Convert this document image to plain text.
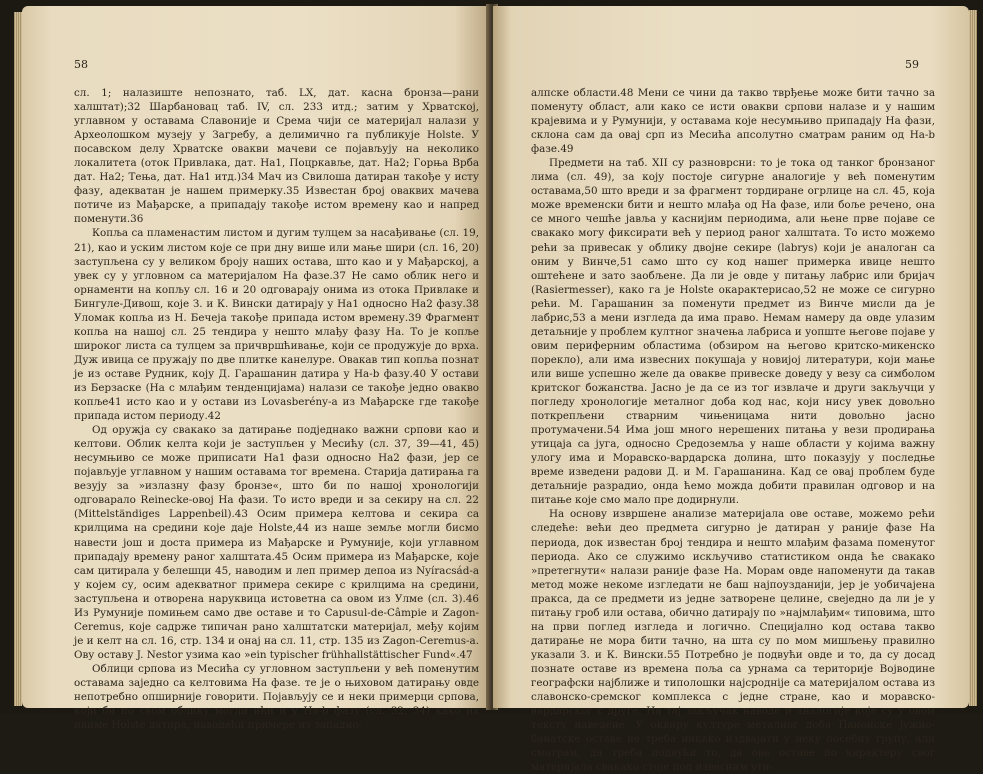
58

сл. 1; налазиште непознато, таб. LX, дат. касна бронза—рани халштат);32 Шарбановац таб. IV, сл. 233 итд.; затим у Хрватској, углавном у оставама Славоније и Срема чији се материјал налази у Археолошком музеју у Загребу, а делимично га публикује Holste. У посавском делу Хрватске овакви мачеви се појављују на неколико локалитета (оток Привлака, дат. Ha1, Поцркавље, дат. Ha2; Горња Врба дат. Ha2; Тења, дат. Ha1 итд.)34 Мач из Свилоша датиран такође у исту фазу, адекватан је нашем примерку.35 Известан број оваквих мачева потиче из Мађарске, а припадају такође истом времену као и напред поменути.36

Копља са пламенастим листом и дугим тулцем за насађивање (сл. 19, 21), као и уским листом које се при дну више или мање шири (сл. 16, 20) заступљена су у великом броју наших остава, што као и у Мађарској, а увек су у угловном са материјалом На фазе.37 Не само облик него и орнаменти на копљу сл. 16 и 20 одговарају онима из отока Привлаке и Бингуле-Дивош, које З. и К. Вински датирају у Ha1 односно Ha2 фазу.38 Уломак копља из Н. Бечеја такође припада истом времену.39 Фрагмент копља на нашој сл. 25 тендира у нешто млађу фазу На. То је копље широког листа са тулцем за причвршћивање, који се продужује до врха. Дуж ивица се пружају по две плитке канелуре. Овакав тип копља познат је из оставе Рудник, коју Д. Гарашанин датира у Ha-b фазу.40 У остави из Берзаске (На с млађим тенденцијама) налази се такође једно овакво копље41 исто као и у остави из Lovasberény-а из Мађарске где такође припада истом периоду.42

Од оружја су свакако за датирање подједнако важни српови као и келтови. Облик келта који је заступљен у Месићу (сл. 37, 39—41, 45) несумњиво се може приписати Ha1 фази односно Ha2 фази, јер се појављује углавном у нашим оставама тог времена. Старија датирања га везују за »излазну фазу бронзе«, што би по нашој хронологији одговарало Reinecke-овој На фази. То исто вреди и за секиру на сл. 22 (Mittelständiges Lappenbeil).43 Осим примера келтова и секира са крилцима на средини које даје Holste,44 из наше земље могли бисмо навести још и доста примера из Мађарске и Румуније, који углавном припадају времену раног халштата.45 Осим примера из Мађарске, које сам цитирала у белешци 45, наводим и леп пример депоа из Nyíracsád-а у којем су, осим адекватног примера секире с крилцима на средини, заступљена и отворена наруквица истоветна са овом из Улме (сл. 3).46 Из Румуније помињем само две оставе и то Capusul-de-Câmpie и Zagon-Ceremus, које садрже типичан рано халштатски материјал, међу којим је и келт на сл. 16, стр. 134 и онај на сл. 11, стр. 135 из Zagon-Ceremus-а. Ову оставу J. Nestor узима као »ein typischer frühhallstättischer Fund«.47

Облици српова из Месића су угловном заступљени у већ поменутим оставама заједно са келтовима На фазе. те је о њиховом датирању овде непотребно опширније говорити. Појављују се и неки примерци српова, који би по свом облику могли ићи и у Ha-b фазу (сл. 32, 34) како их наиме Holste датира, наводећи примере из западно-

59

алпске области.48 Мени се чини да такво тврђење може бити тачно за поменуту област, али како се исти овакви српови налазе и у нашим крајевима и у Румунији, у оставама које несумњиво припадају На фази, склона сам да овај срп из Месића апсолутно сматрам раним од Ha-b фазе.49

Предмети на таб. XII су разноврсни: то је тока од танког бронзаног лима (сл. 49), за коју постоје сигурне аналогије у већ поменутим оставама,50 што вреди и за фрагмент тордиране огрлице на сл. 45, која може временски бити и нешто млађа од На фазе, или боље речено, она се много чешће јавља у каснијим периодима, али њене прве појаве се свакако могу фиксирати већ у период раног халштата. То исто можемо рећи за привесак у облику двојне секире (labrys) који је аналоган са оним у Винче,51 само што су код нашег примерка ивице нешто оштећене и зато заобљене. Да ли је овде у питању лабрис или бријач (Rasiermesser), како га је Holste окарактерисао,52 не може се сигурно рећи. М. Гарашанин за поменути предмет из Винче мисли да је лабрис,53 а мени изгледа да има право. Немам намеру да овде улазим детаљније у проблем култног значења лабриса и уопште његове појаве у овим периферним областима (обзиром на његово критско-микенско порекло), али има извесних покушаја у новијој литератури, који мање или више успешно желе да овакве привеске доведу у везу са симболом критског божанства. Јасно је да се из тог извлаче и други закључци у погледу хронологије металног доба код нас, који нису увек довољно поткрепљени стварним чињеницама нити довољно јасно протумачени.54 Има још много нерешених питања у вези продирања утицаја са југа, односно Средоземља у наше области у којима важну улогу има и Моравско-вардарска долина, што показују у последње време изведени радови Д. и М. Гарашанина. Кад се овај проблем буде детаљније разрадио, онда ћемо можда добити правилан одговор и на питање које смо мало пре додирнули.

На основу извршене анализе материјала ове оставе, можемо рећи следеће: већи део предмета сигурно је датиран у раније фазе На периода, док известан број тендира и нешто млађим фазама поменутог периода. Ако се служимо искључиво статистиком онда ће свакако »претегнути« налази раније фазе На. Морам овде напоменути да такав метод може некоме изгледати не баш најпоузданији, јер је уобичајена пракса, да се предмети из једне затворене целине, свеједно да ли је у питању гроб или остава, обично датирају по »најмлађим« типовима, што на први поглед изгледа и логично. Специјално код остава такво датирање не мора бити тачно, на шта су по мом мишљењу правилно указали З. и К. Вински.55 Потребно је подвући овде и то, да су досад познате оставе из времена поља са урнама са територије Војводине географски најближе и типолошки најсроднije са материјалом остава из славонско-сремског комплекса с једне стране, као и моравско-вардарског с друге. На тај закључак наводе и аналогије које су у овом тексту наведене. У оквиру културе металног доба Панонске јужно-банатске оставе не треба никако издвајати у неку посебну групу, али сматрам, да треба подвући то, да ове оставе по карактеру свог материјала свакако стоје под извесним ути-
